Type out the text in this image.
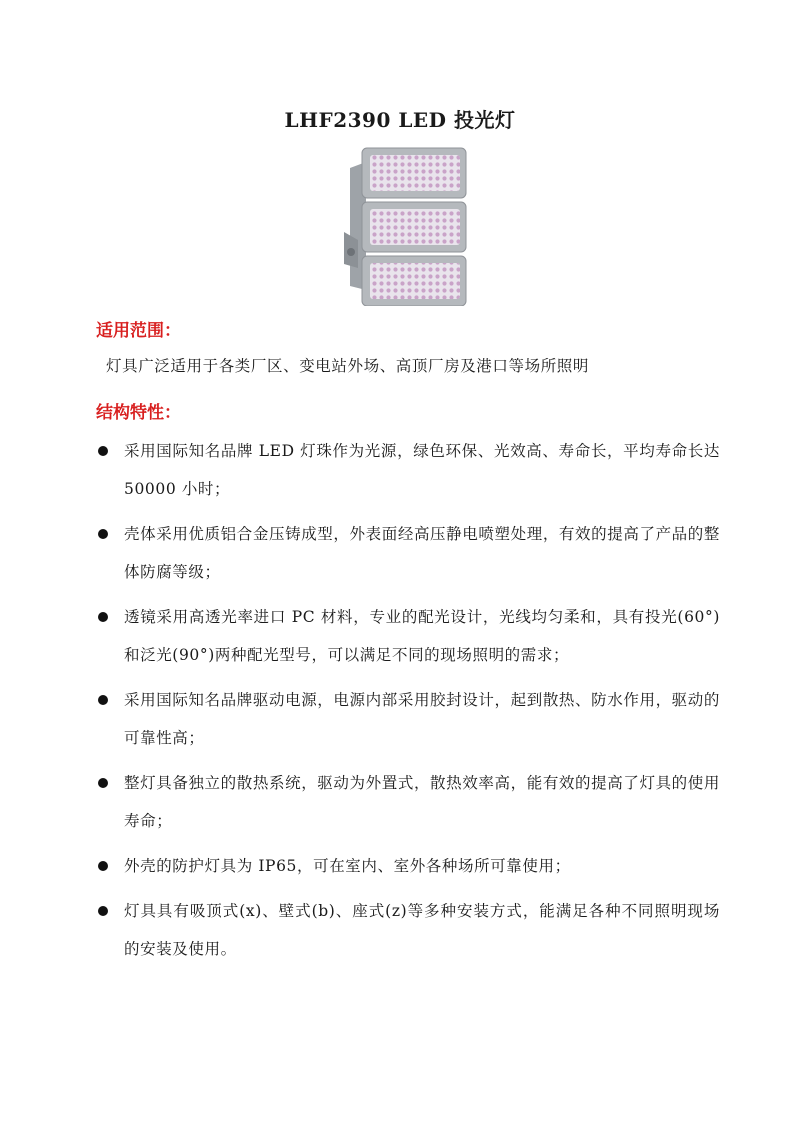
LHF2390 LED 投光灯
适用范围：
灯具广泛适用于各类厂区、变电站外场、高顶厂房及港口等场所照明
结构特性：
采用国际知名品牌 LED 灯珠作为光源，绿色环保、光效高、寿命长，平均寿命长达 50000 小时；
壳体采用优质铝合金压铸成型，外表面经高压静电喷塑处理，有效的提高了产品的整体防腐等级；
透镜采用高透光率进口 PC 材料，专业的配光设计，光线均匀柔和，具有投光(60°)和泛光(90°)两种配光型号，可以满足不同的现场照明的需求；
采用国际知名品牌驱动电源，电源内部采用胶封设计，起到散热、防水作用，驱动的可靠性高；
整灯具备独立的散热系统，驱动为外置式，散热效率高，能有效的提高了灯具的使用寿命；
外壳的防护灯具为 IP65，可在室内、室外各种场所可靠使用；
灯具具有吸顶式(x)、壁式(b)、座式(z)等多种安装方式，能满足各种不同照明现场的安装及使用。
